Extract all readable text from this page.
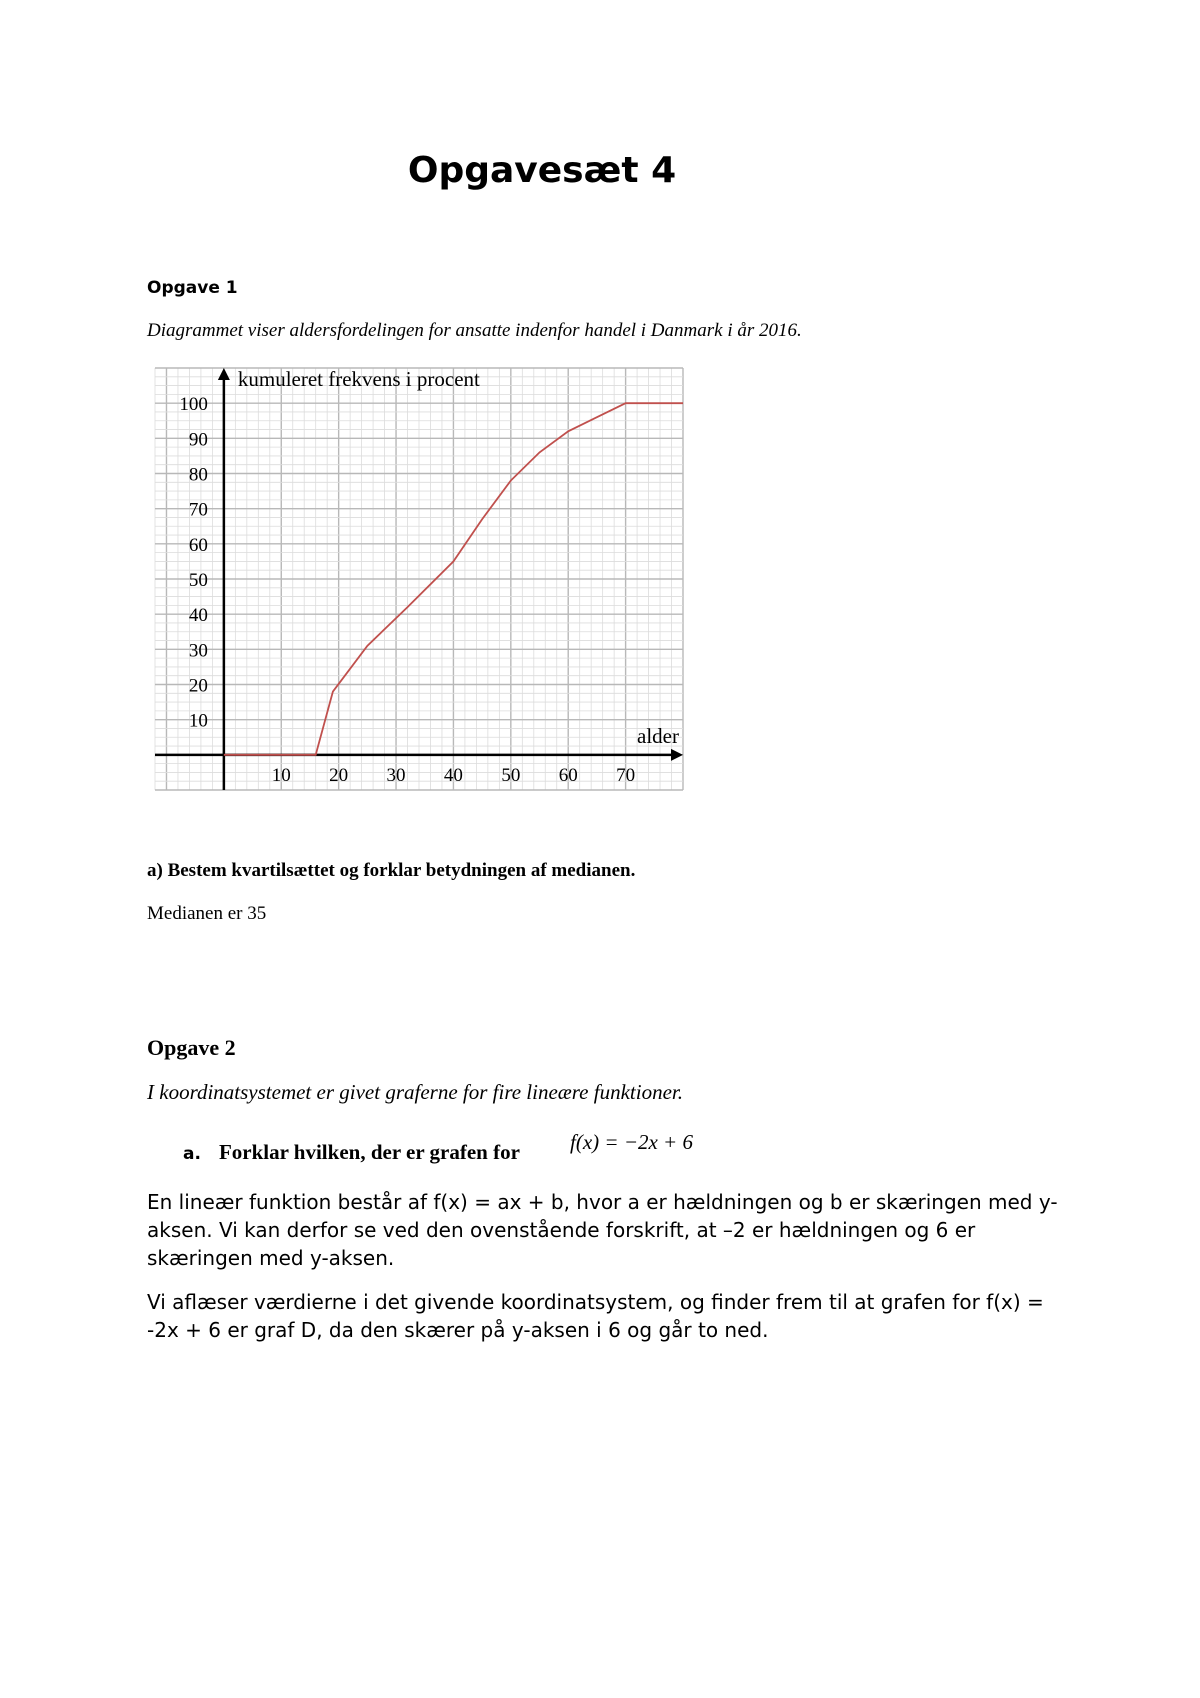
Opgavesæt 4
Opgave 1
Diagrammet viser aldersfordelingen for ansatte indenfor handel i Danmark i år 2016.
10 20 30 40 50 60 70
10
20
30
40
50
60
70
80
90
100
kumuleret frekvens i procent
alder
a) Bestem kvartilsættet og forklar betydningen af medianen.
Medianen er 35
Opgave 2
I koordinatsystemet er givet graferne for fire lineære funktioner.
a. Forklar hvilken, der er grafen for f(x) = −2x + 6
En lineær funktion består af f(x) = ax + b, hvor a er hældningen og b er skæringen med y-aksen. Vi kan derfor se ved den ovenstående forskrift, at –2 er hældningen og 6 er skæringen med y-aksen.
Vi aflæser værdierne i det givende koordinatsystem, og finder frem til at grafen for f(x) = -2x + 6 er graf D, da den skærer på y-aksen i 6 og går to ned.
